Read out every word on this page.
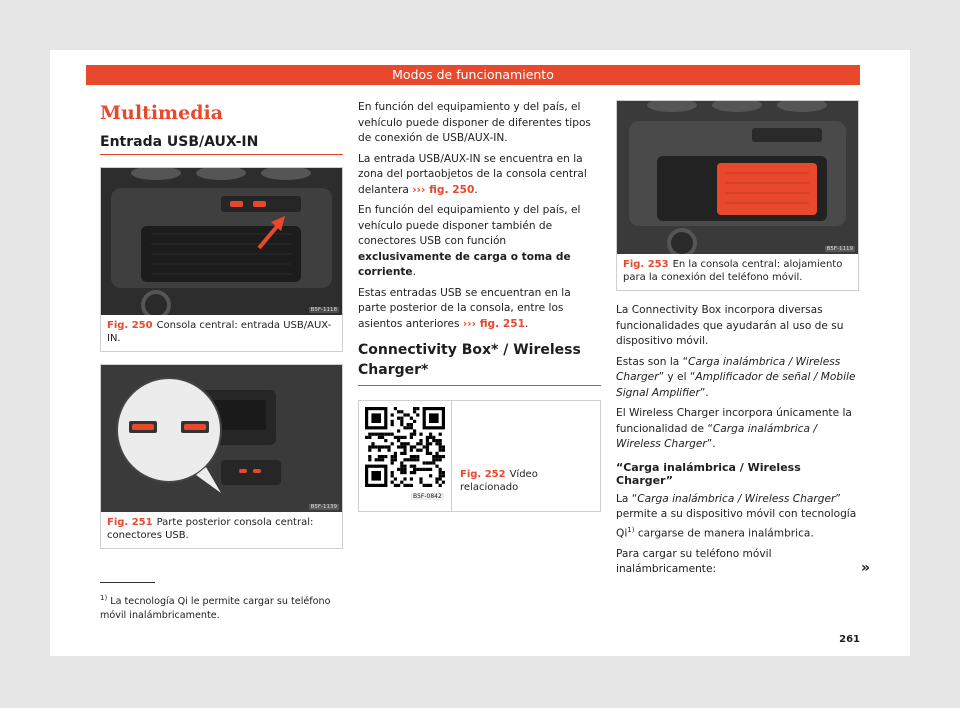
Modos de funcionamiento
Multimedia
Entrada USB/AUX-IN
B5F-1118
Fig. 250 Consola central: entrada USB/AUX-IN.
B5F-1139
Fig. 251 Parte posterior consola central: conectores USB.

En función del equipamiento y del país, el vehículo puede disponer de diferentes tipos de conexión de USB/AUX-IN.

La entrada USB/AUX-IN se encuentra en la zona del portaobjetos de la consola central delantera ››› fig. 250.

En función del equipamiento y del país, el vehículo puede disponer también de conectores USB con función exclusivamente de carga o toma de corriente.

Estas entradas USB se encuentran en la parte posterior de la consola, entre los asientos anteriores ››› fig. 251.

Connectivity Box* / Wireless Charger*
B5F-0842
Fig. 252 Vídeo relacionado
B5F-1119
Fig. 253 En la consola central: alojamiento para la conexión del teléfono móvil.

La Connectivity Box incorpora diversas funcionalidades que ayudarán al uso de su dispositivo móvil.

Estas son la “Carga inalámbrica / Wireless Charger” y el “Amplificador de señal / Mobile Signal Amplifier”.

El Wireless Charger incorpora únicamente la funcionalidad de “Carga inalámbrica / Wireless Charger”.

“Carga inalámbrica / Wireless Charger”

La “Carga inalámbrica / Wireless Charger” permite a su dispositivo móvil con tecnología Qi$^{1)}$ cargarse de manera inalámbrica.

Para cargar su teléfono móvil inalámbricamente:	»
$^{1)}$ La tecnología Qi le permite cargar su teléfono móvil inalámbricamente.
261
